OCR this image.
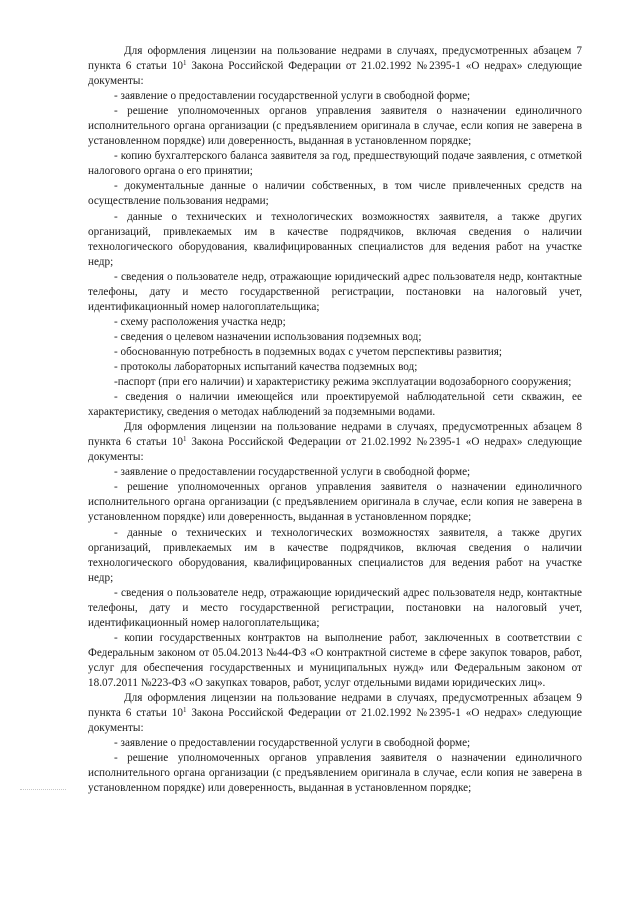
Для оформления лицензии на пользование недрами в случаях, предусмотренных абзацем 7 пункта 6 статьи $10^1$ Закона Российской Федерации от 21.02.1992 №2395-1 «О недрах» следующие документы:

- заявление о предоставлении государственной услуги в свободной форме;

- решение уполномоченных органов управления заявителя о назначении единоличного исполнительного органа организации (с предъявлением оригинала в случае, если копия не заверена в установленном порядке) или доверенность, выданная в установленном порядке;

- копию бухгалтерского баланса заявителя за год, предшествующий подаче заявления, с отметкой налогового органа о его принятии;

- документальные данные о наличии собственных, в том числе привлеченных средств на осуществление пользования недрами;

- данные о технических и технологических возможностях заявителя, а также других организаций, привлекаемых им в качестве подрядчиков, включая сведения о наличии технологического оборудования, квалифицированных специалистов для ведения работ на участке недр;

- сведения о пользователе недр, отражающие юридический адрес пользователя недр, контактные телефоны, дату и место государственной регистрации, постановки на налоговый учет, идентификационный номер налогоплательщика;

- схему расположения участка недр;

- сведения о целевом назначении использования подземных вод;

- обоснованную потребность в подземных водах с учетом перспективы развития;

- протоколы лабораторных испытаний качества подземных вод;

-паспорт (при его наличии) и характеристику режима эксплуатации водозаборного сооружения;

- сведения о наличии имеющейся или проектируемой наблюдательной сети скважин, ее характеристику, сведения о методах наблюдений за подземными водами.

Для оформления лицензии на пользование недрами в случаях, предусмотренных абзацем 8 пункта 6 статьи $10^1$ Закона Российской Федерации от 21.02.1992 №2395-1 «О недрах» следующие документы:

- заявление о предоставлении государственной услуги в свободной форме;

- решение уполномоченных органов управления заявителя о назначении единоличного исполнительного органа организации (с предъявлением оригинала в случае, если копия не заверена в установленном порядке) или доверенность, выданная в установленном порядке;

- данные о технических и технологических возможностях заявителя, а также других организаций, привлекаемых им в качестве подрядчиков, включая сведения о наличии технологического оборудования, квалифицированных специалистов для ведения работ на участке недр;

- сведения о пользователе недр, отражающие юридический адрес пользователя недр, контактные телефоны, дату и место государственной регистрации, постановки на налоговый учет, идентификационный номер налогоплательщика;

- копии государственных контрактов на выполнение работ, заключенных в соответствии с Федеральным законом от 05.04.2013 №44-ФЗ «О контрактной системе в сфере закупок товаров, работ, услуг для обеспечения государственных и муниципальных нужд» или Федеральным законом от 18.07.2011 №223-ФЗ «О закупках товаров, работ, услуг отдельными видами юридических лиц».

Для оформления лицензии на пользование недрами в случаях, предусмотренных абзацем 9 пункта 6 статьи $10^1$ Закона Российской Федерации от 21.02.1992 №2395-1 «О недрах» следующие документы:

- заявление о предоставлении государственной услуги в свободной форме;

- решение уполномоченных органов управления заявителя о назначении единоличного исполнительного органа организации (с предъявлением оригинала в случае, если копия не заверена в установленном порядке) или доверенность, выданная в установленном порядке;
